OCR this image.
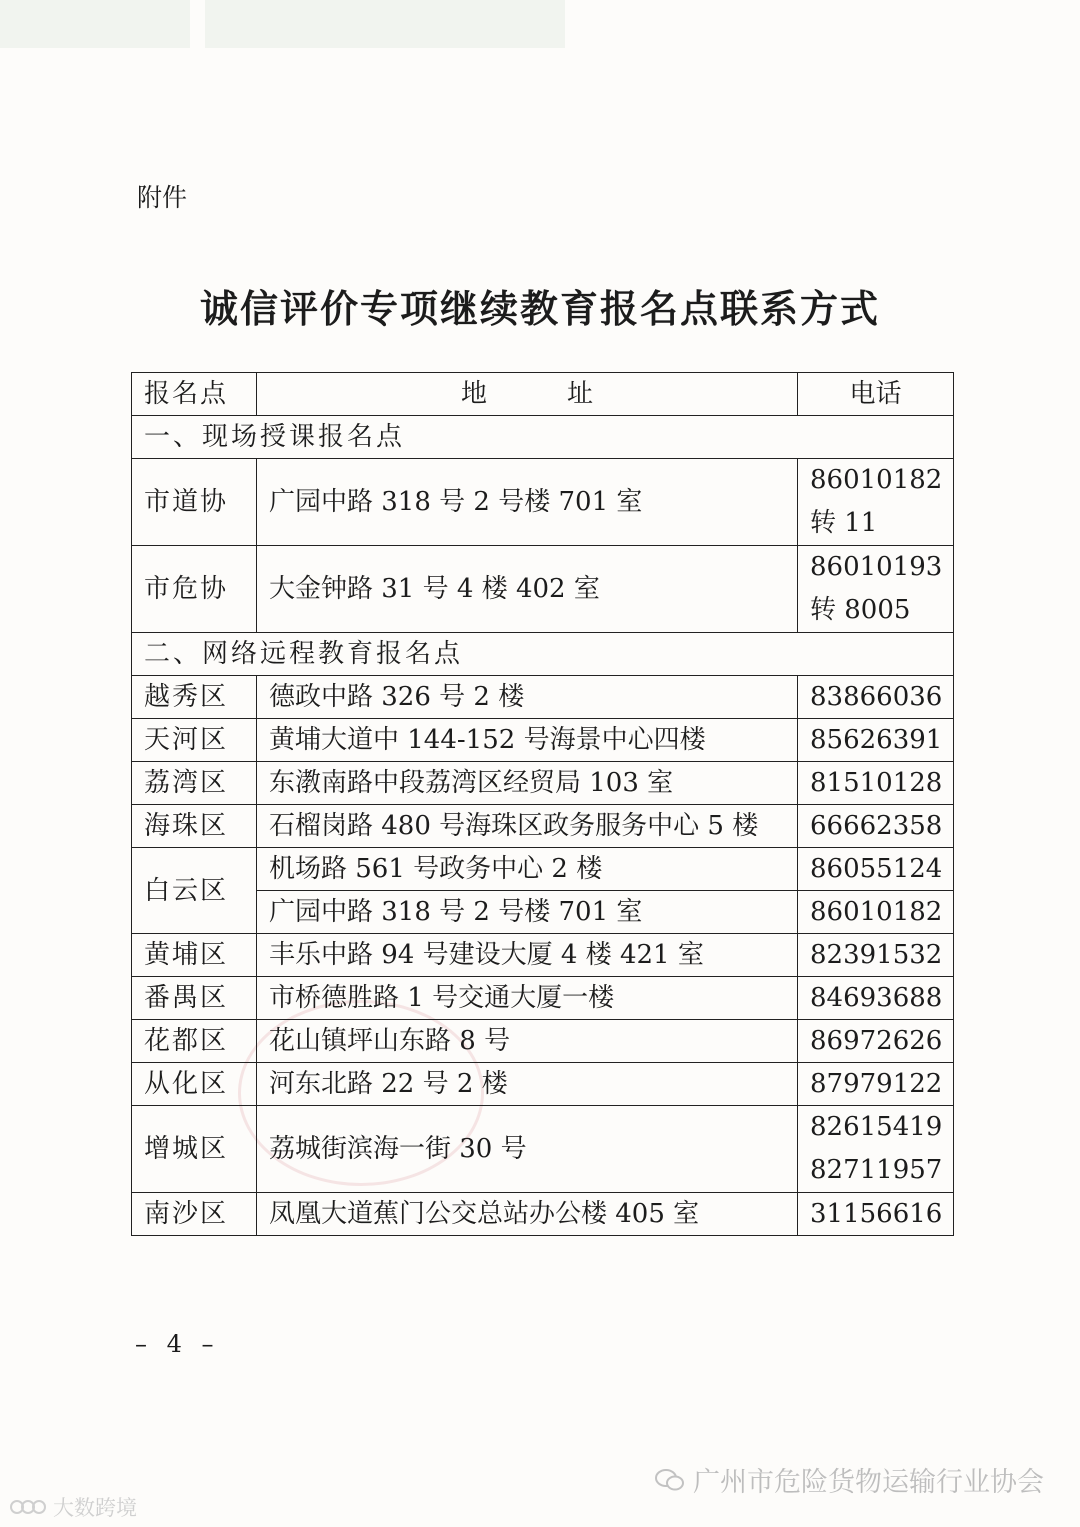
附件
诚信评价专项继续教育报名点联系方式
报名点	地址	电话
一、现场授课报名点		
市道协	广园中路 318 号 2 号楼 701 室	86010182
转 11

市危协	大金钟路 31 号 4 楼 402 室	86010193
转 8005

二、网络远程教育报名点		
越秀区	德政中路 326 号 2 楼	83866036
天河区	黄埔大道中 144-152 号海景中心四楼	85626391
荔湾区	东漖南路中段荔湾区经贸局 103 室	81510128
海珠区	石榴岗路 480 号海珠区政务服务中心 5 楼	66662358
白云区	机场路 561 号政务中心 2 楼	86055124
	广园中路 318 号 2 号楼 701 室	86010182
黄埔区	丰乐中路 94 号建设大厦 4 楼 421 室	82391532
番禺区	市桥德胜路 1 号交通大厦一楼	84693688
花都区	花山镇坪山东路 8 号	86972626
从化区	河东北路 22 号 2 楼	87979122
增城区	荔城街滨海一街 30 号	82615419
82711957

南沙区	凤凰大道蕉门公交总站办公楼 405 室	31156616
– 4 –
广州市危险货物运输行业协会
大数跨境
